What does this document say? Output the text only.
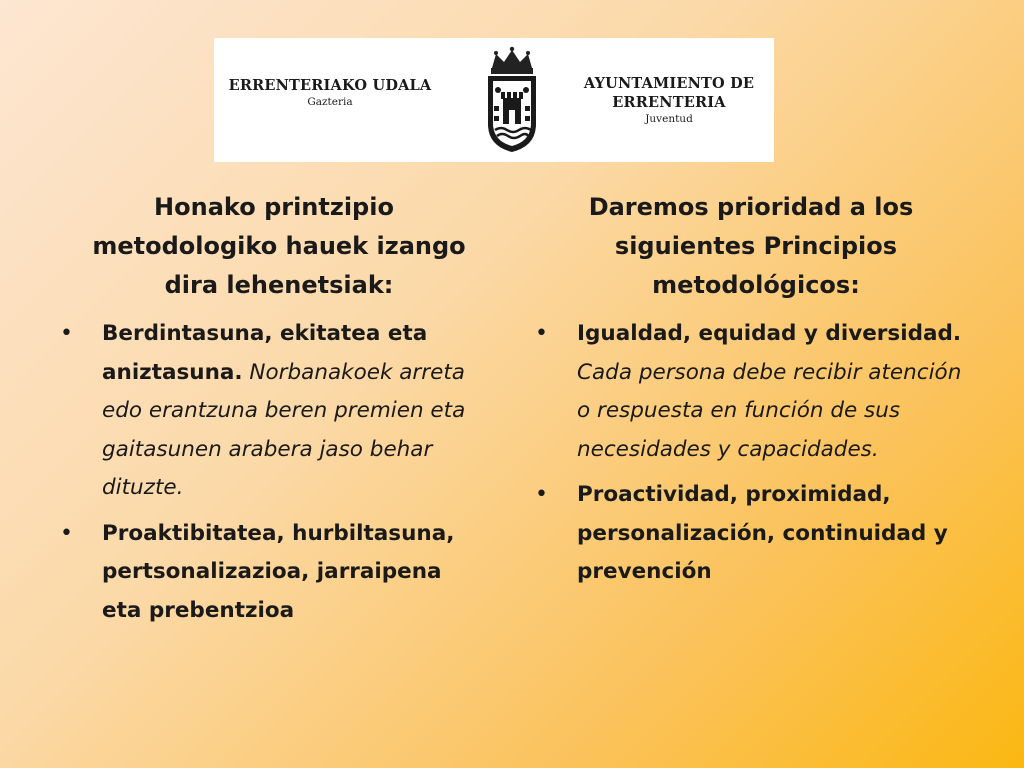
ERRENTERIAKO UDALA
Gazteria
AYUNTAMIENTO DE
ERRENTERIA
Juventud
Honako printzipio
metodologiko hauek izango
dira lehenetsiak:
• Berdintasuna, ekitatea eta aniztasuna. Norbanakoek arreta edo erantzuna beren premien eta gaitasunen arabera jaso behar dituzte.
• Proaktibitatea, hurbiltasuna, pertsonalizazioa, jarraipena eta prebentzioa
Daremos prioridad a los
siguientes Principios
metodológicos:
• Igualdad, equidad y diversidad. Cada persona debe recibir atención o respuesta en función de sus necesidades y capacidades.
• Proactividad, proximidad, personalización, continuidad y prevención
